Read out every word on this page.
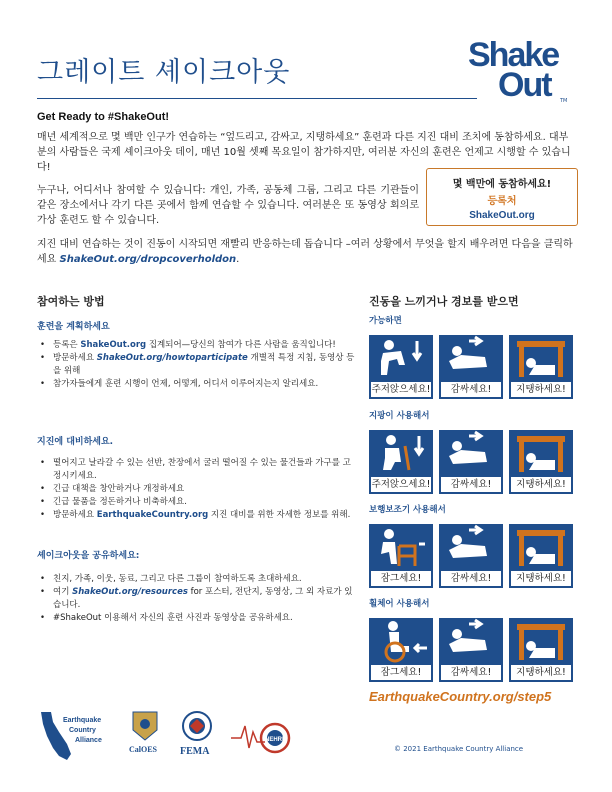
그레이트 셰이크아웃	Shake
Out TM
Get Ready to #ShakeOut!
매년 세계적으로 몇 백만 인구가 연습하는 “엎드리고, 감싸고, 지탱하세요” 훈련과 다른 지진 대비 조치에 동참하세요. 대부분의 사람들은 국제 셰이크아웃 데이, 매년 10월 셋째 목요일이 참가하지만, 여러분 자신의 훈련은 언제고 시행할 수 있습니다!
누구나, 어디서나 참여할 수 있습니다: 개인, 가족, 공동체 그룹, 그리고 다른 기관들이 같은 장소에서나 각기 다른 곳에서 함께 연습할 수 있습니다. 여러분은 또 동영상 회의로 가상 훈련도 할 수 있습니다.
지진 대비 연습하는 것이 진동이 시작되면 재빨리 반응하는데 돕습니다 –여러 상황에서 무엇을 할지 배우려면 다음을 클릭하세요 ShakeOut.org/dropcoverholdon.
몇 백만에 동참하세요!
등록처
ShakeOut.org
참여하는 방법
훈련을 계획하세요
• 등록은 ShakeOut.org 집계되어—당신의 참여가 다른 사람을 움직입니다!
• 방문하세요 ShakeOut.org/howtoparticipate 개별적 특정 지침, 동영상 등을 위해
• 참가자들에게 훈련 시행이 언제, 어떻게, 어디서 이루어지는지 알리세요.
지진에 대비하세요.
• 떨어지고 날라갈 수 있는 선반, 찬장에서 굴러 떨어질 수 있는 물건들과 가구를 고정시키세요.
• 긴급 대책을 창안하거나 개정하세요
• 긴급 물품을 정돈하거나 비축하세요.
• 방문하세요 EarthquakeCountry.org 지진 대비를 위한 자세한 정보를 위해.
셰이크아웃을 공유하세요:
• 친지, 가족, 이웃, 동료, 그리고 다른 그룹이 참여하도록 초대하세요.
• 여기 ShakeOut.org/resources for 포스터, 전단지, 동영상, 그 외 자료가 있습니다.
• #ShakeOut 이용해서 자신의 훈련 사진과 동영상을 공유하세요.
진동을 느끼거나 경보를 받으면
가능하면
주저앉으세요!	감싸세요!	지탱하세요!
지팡이 사용해서
주저앉으세요!	감싸세요!	지탱하세요!
보행보조기 사용해서
잠그세요!	감싸세요!	지탱하세요!
휠체어 사용해서
잠그세요!	감싸세요!	지탱하세요!
Earthquake
Country
Alliance
CalOES FEMA
NEHRP
EarthquakeCountry.org/step5
© 2021 Earthquake Country Alliance
